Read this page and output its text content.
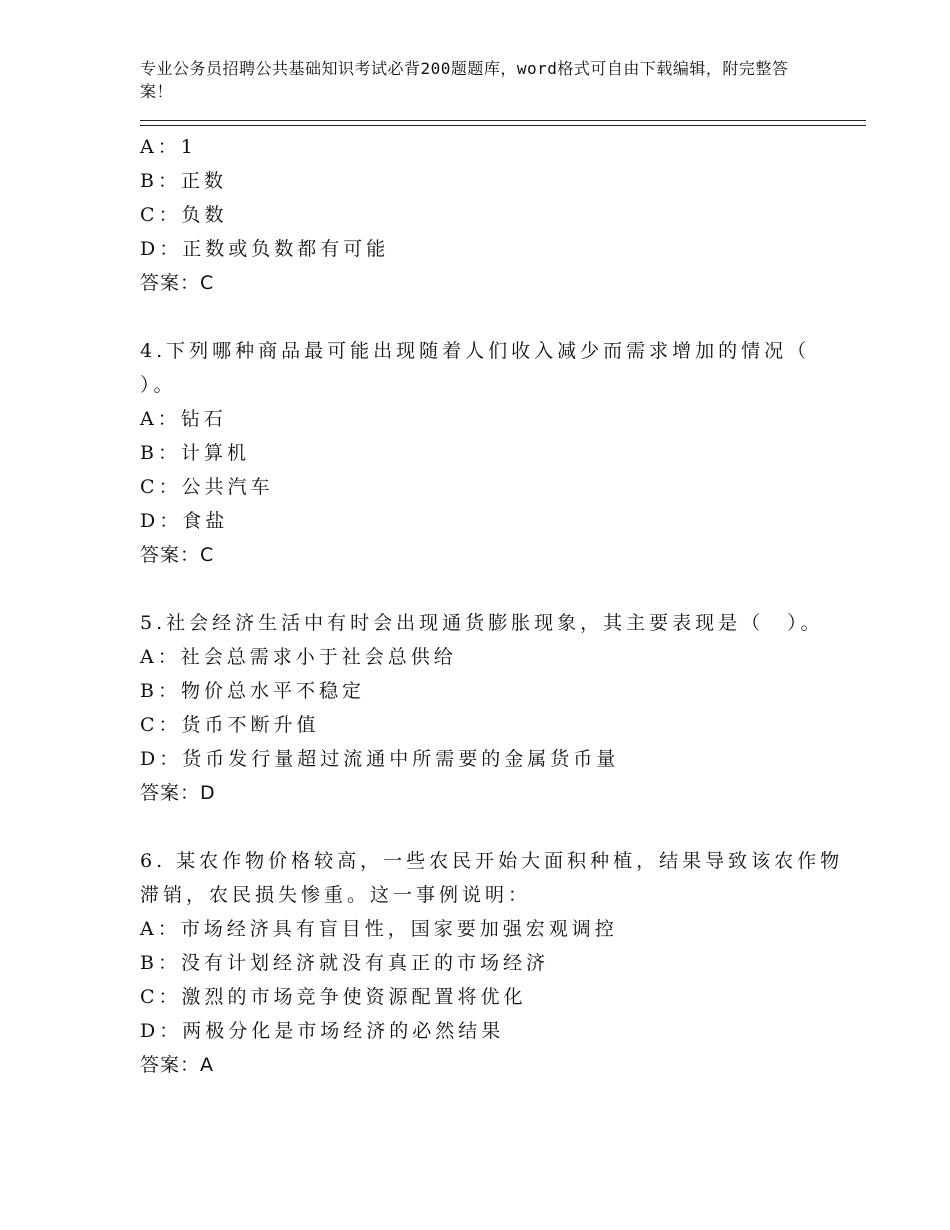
专业公务员招聘公共基础知识考试必背200题题库，word格式可自由下载编辑，附完整答案！
A：1
B：正数
C：负数
D：正数或负数都有可能
答案：C
4.下列哪种商品最可能出现随着人们收入减少而需求增加的情况（
）。
A：钻石
B：计算机
C：公共汽车
D：食盐
答案：C
5.社会经济生活中有时会出现通货膨胀现象，其主要表现是（　）。
A：社会总需求小于社会总供给
B：物价总水平不稳定
C：货币不断升值
D：货币发行量超过流通中所需要的金属货币量
答案：D
6. 某农作物价格较高，一些农民开始大面积种植，结果导致该农作物
滞销，农民损失惨重。这一事例说明：
A：市场经济具有盲目性，国家要加强宏观调控
B：没有计划经济就没有真正的市场经济
C：激烈的市场竞争使资源配置将优化
D：两极分化是市场经济的必然结果
答案：A
